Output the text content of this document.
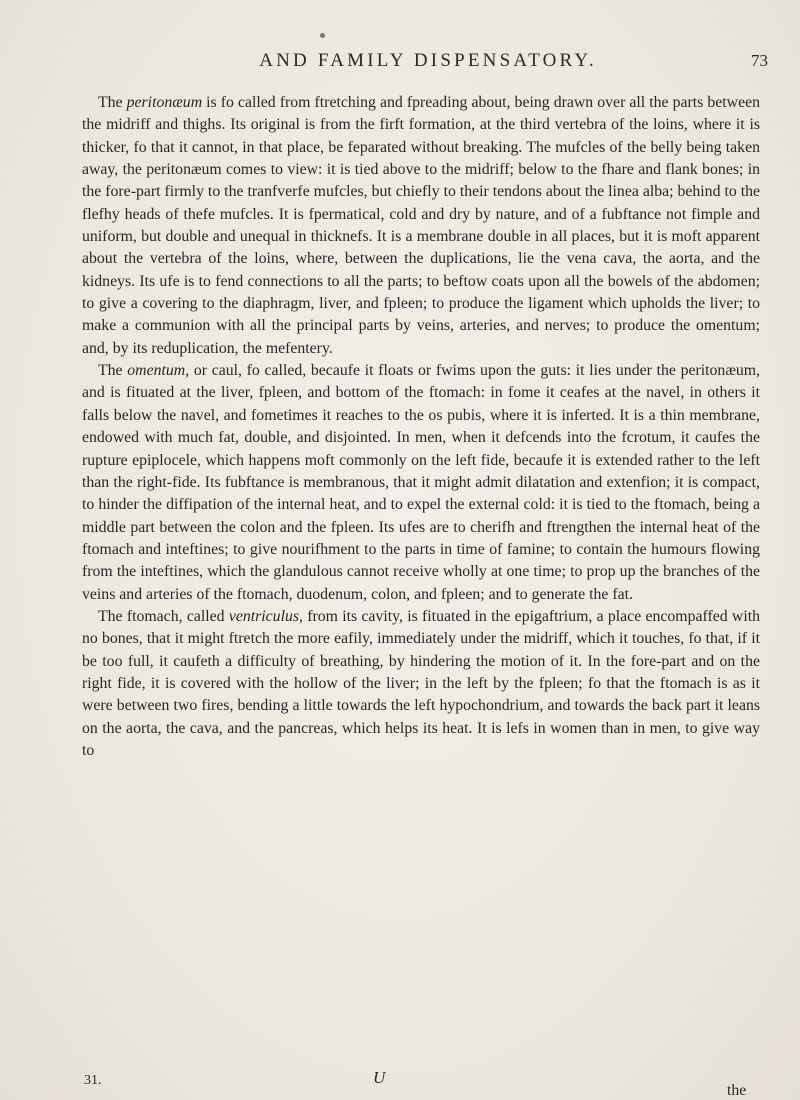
AND FAMILY DISPENSATORY.	73

The peritonæum is fo called from ftretching and fpreading about, being drawn over all the parts between the midriff and thighs. Its original is from the firft formation, at the third vertebra of the loins, where it is thicker, fo that it cannot, in that place, be feparated without breaking. The mufcles of the belly being taken away, the peritonæum comes to view: it is tied above to the midriff; below to the fhare and flank bones; in the fore-part firmly to the tranfverfe mufcles, but chiefly to their tendons about the linea alba; behind to the flefhy heads of thefe mufcles. It is fpermatical, cold and dry by nature, and of a fubftance not fimple and uniform, but double and unequal in thicknefs. It is a membrane double in all places, but it is moft apparent about the vertebra of the loins, where, between the duplications, lie the vena cava, the aorta, and the kidneys. Its ufe is to fend connections to all the parts; to beftow coats upon all the bowels of the abdomen; to give a covering to the diaphragm, liver, and fpleen; to produce the ligament which upholds the liver; to make a communion with all the principal parts by veins, arteries, and nerves; to produce the omentum; and, by its reduplication, the mefentery.

The omentum, or caul, fo called, becaufe it floats or fwims upon the guts: it lies under the peritonæum, and is fituated at the liver, fpleen, and bottom of the ftomach: in fome it ceafes at the navel, in others it falls below the navel, and fometimes it reaches to the os pubis, where it is inferted. It is a thin membrane, endowed with much fat, double, and disjointed. In men, when it defcends into the fcrotum, it caufes the rupture epiplocele, which happens moft commonly on the left fide, becaufe it is extended rather to the left than the right-fide. Its fubftance is membranous, that it might admit dilatation and extenfion; it is compact, to hinder the diffipation of the internal heat, and to expel the external cold: it is tied to the ftomach, being a middle part between the colon and the fpleen. Its ufes are to cherifh and ftrengthen the internal heat of the ftomach and inteftines; to give nourifhment to the parts in time of famine; to contain the humours flowing from the inteftines, which the glandulous cannot receive wholly at one time; to prop up the branches of the veins and arteries of the ftomach, duodenum, colon, and fpleen; and to generate the fat.

The ftomach, called ventriculus, from its cavity, is fituated in the epigaftrium, a place encompaffed with no bones, that it might ftretch the more eafily, immediately under the midriff, which it touches, fo that, if it be too full, it caufeth a difficulty of breathing, by hindering the motion of it. In the fore-part and on the right fide, it is covered with the hollow of the liver; in the left by the fpleen; fo that the ftomach is as it were between two fires, bending a little towards the left hypochondrium, and towards the back part it leans on the aorta, the cava, and the pancreas, which helps its heat. It is lefs in women than in men, to give way to

31.	U
the
